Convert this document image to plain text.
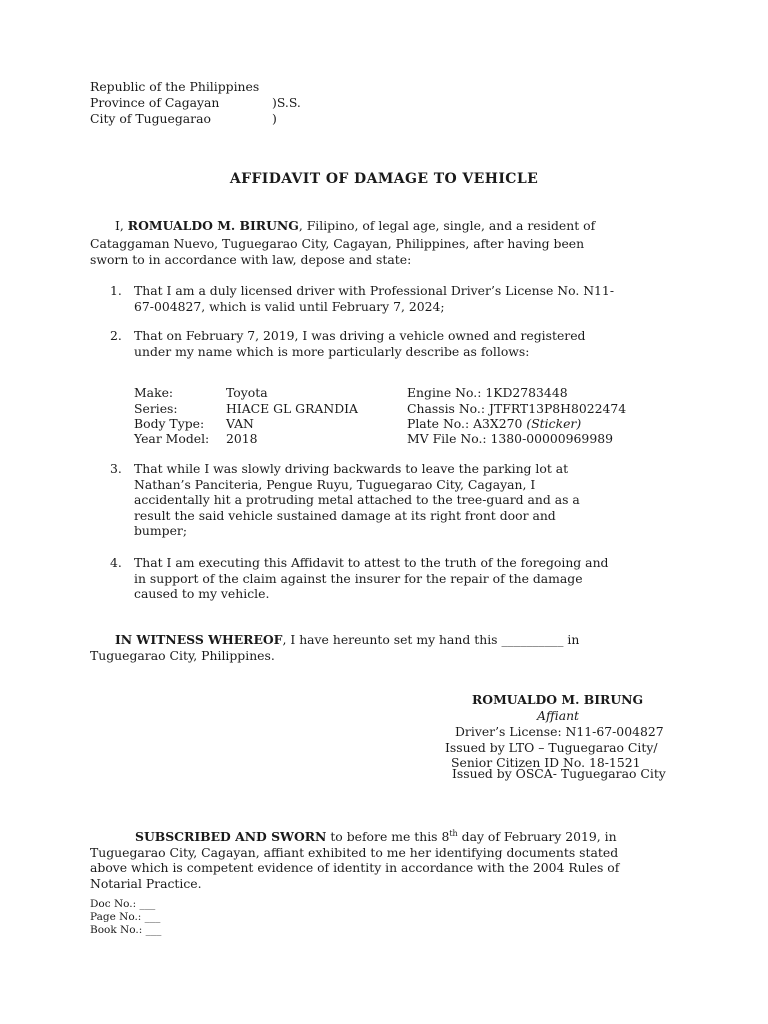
Republic of the Philippines
Province of Cagayan	)S.S.
City of Tuguegarao	)
AFFIDAVIT OF DAMAGE TO VEHICLE
I, ROMUALDO M. BIRUNG, Filipino, of legal age, single, and a resident of
Cataggaman Nuevo, Tuguegarao City, Cagayan, Philippines, after having been
sworn to in accordance with law, depose and state:
1. That I am a duly licensed driver with Professional Driver’s License No. N11-
67-004827, which is valid until February 7, 2024;
2. That on February 7, 2019, I was driving a vehicle owned and registered
under my name which is more particularly describe as follows:
Make:	Toyota	Engine No.: 1KD2783448
Series:	HIACE GL GRANDIA	Chassis No.: JTFRT13P8H8022474
Body Type: VAN	Plate No.: A3X270 (Sticker)
Year Model: 2018	MV File No.: 1380-00000969989
3. That while I was slowly driving backwards to leave the parking lot at
Nathan’s Panciteria, Pengue Ruyu, Tuguegarao City, Cagayan, I
accidentally hit a protruding metal attached to the tree-guard and as a
result the said vehicle sustained damage at its right front door and
bumper;
4. That I am executing this Affidavit to attest to the truth of the foregoing and
in support of the claim against the insurer for the repair of the damage
caused to my vehicle.
IN WITNESS WHEREOF, I have hereunto set my hand this __________ in
Tuguegarao City, Philippines.
ROMUALDO M. BIRUNG
Affiant
Driver’s License: N11-67-004827
Issued by LTO – Tuguegarao City/
Senior Citizen ID No. 18-1521
Issued by OSCA- Tuguegarao City
SUBSCRIBED AND SWORN to before me this 8th day of February 2019, in
Tuguegarao City, Cagayan, affiant exhibited to me her identifying documents stated
above which is competent evidence of identity in accordance with the 2004 Rules of
Notarial Practice.
Doc No.: ___
Page No.: ___
Book No.: ___
